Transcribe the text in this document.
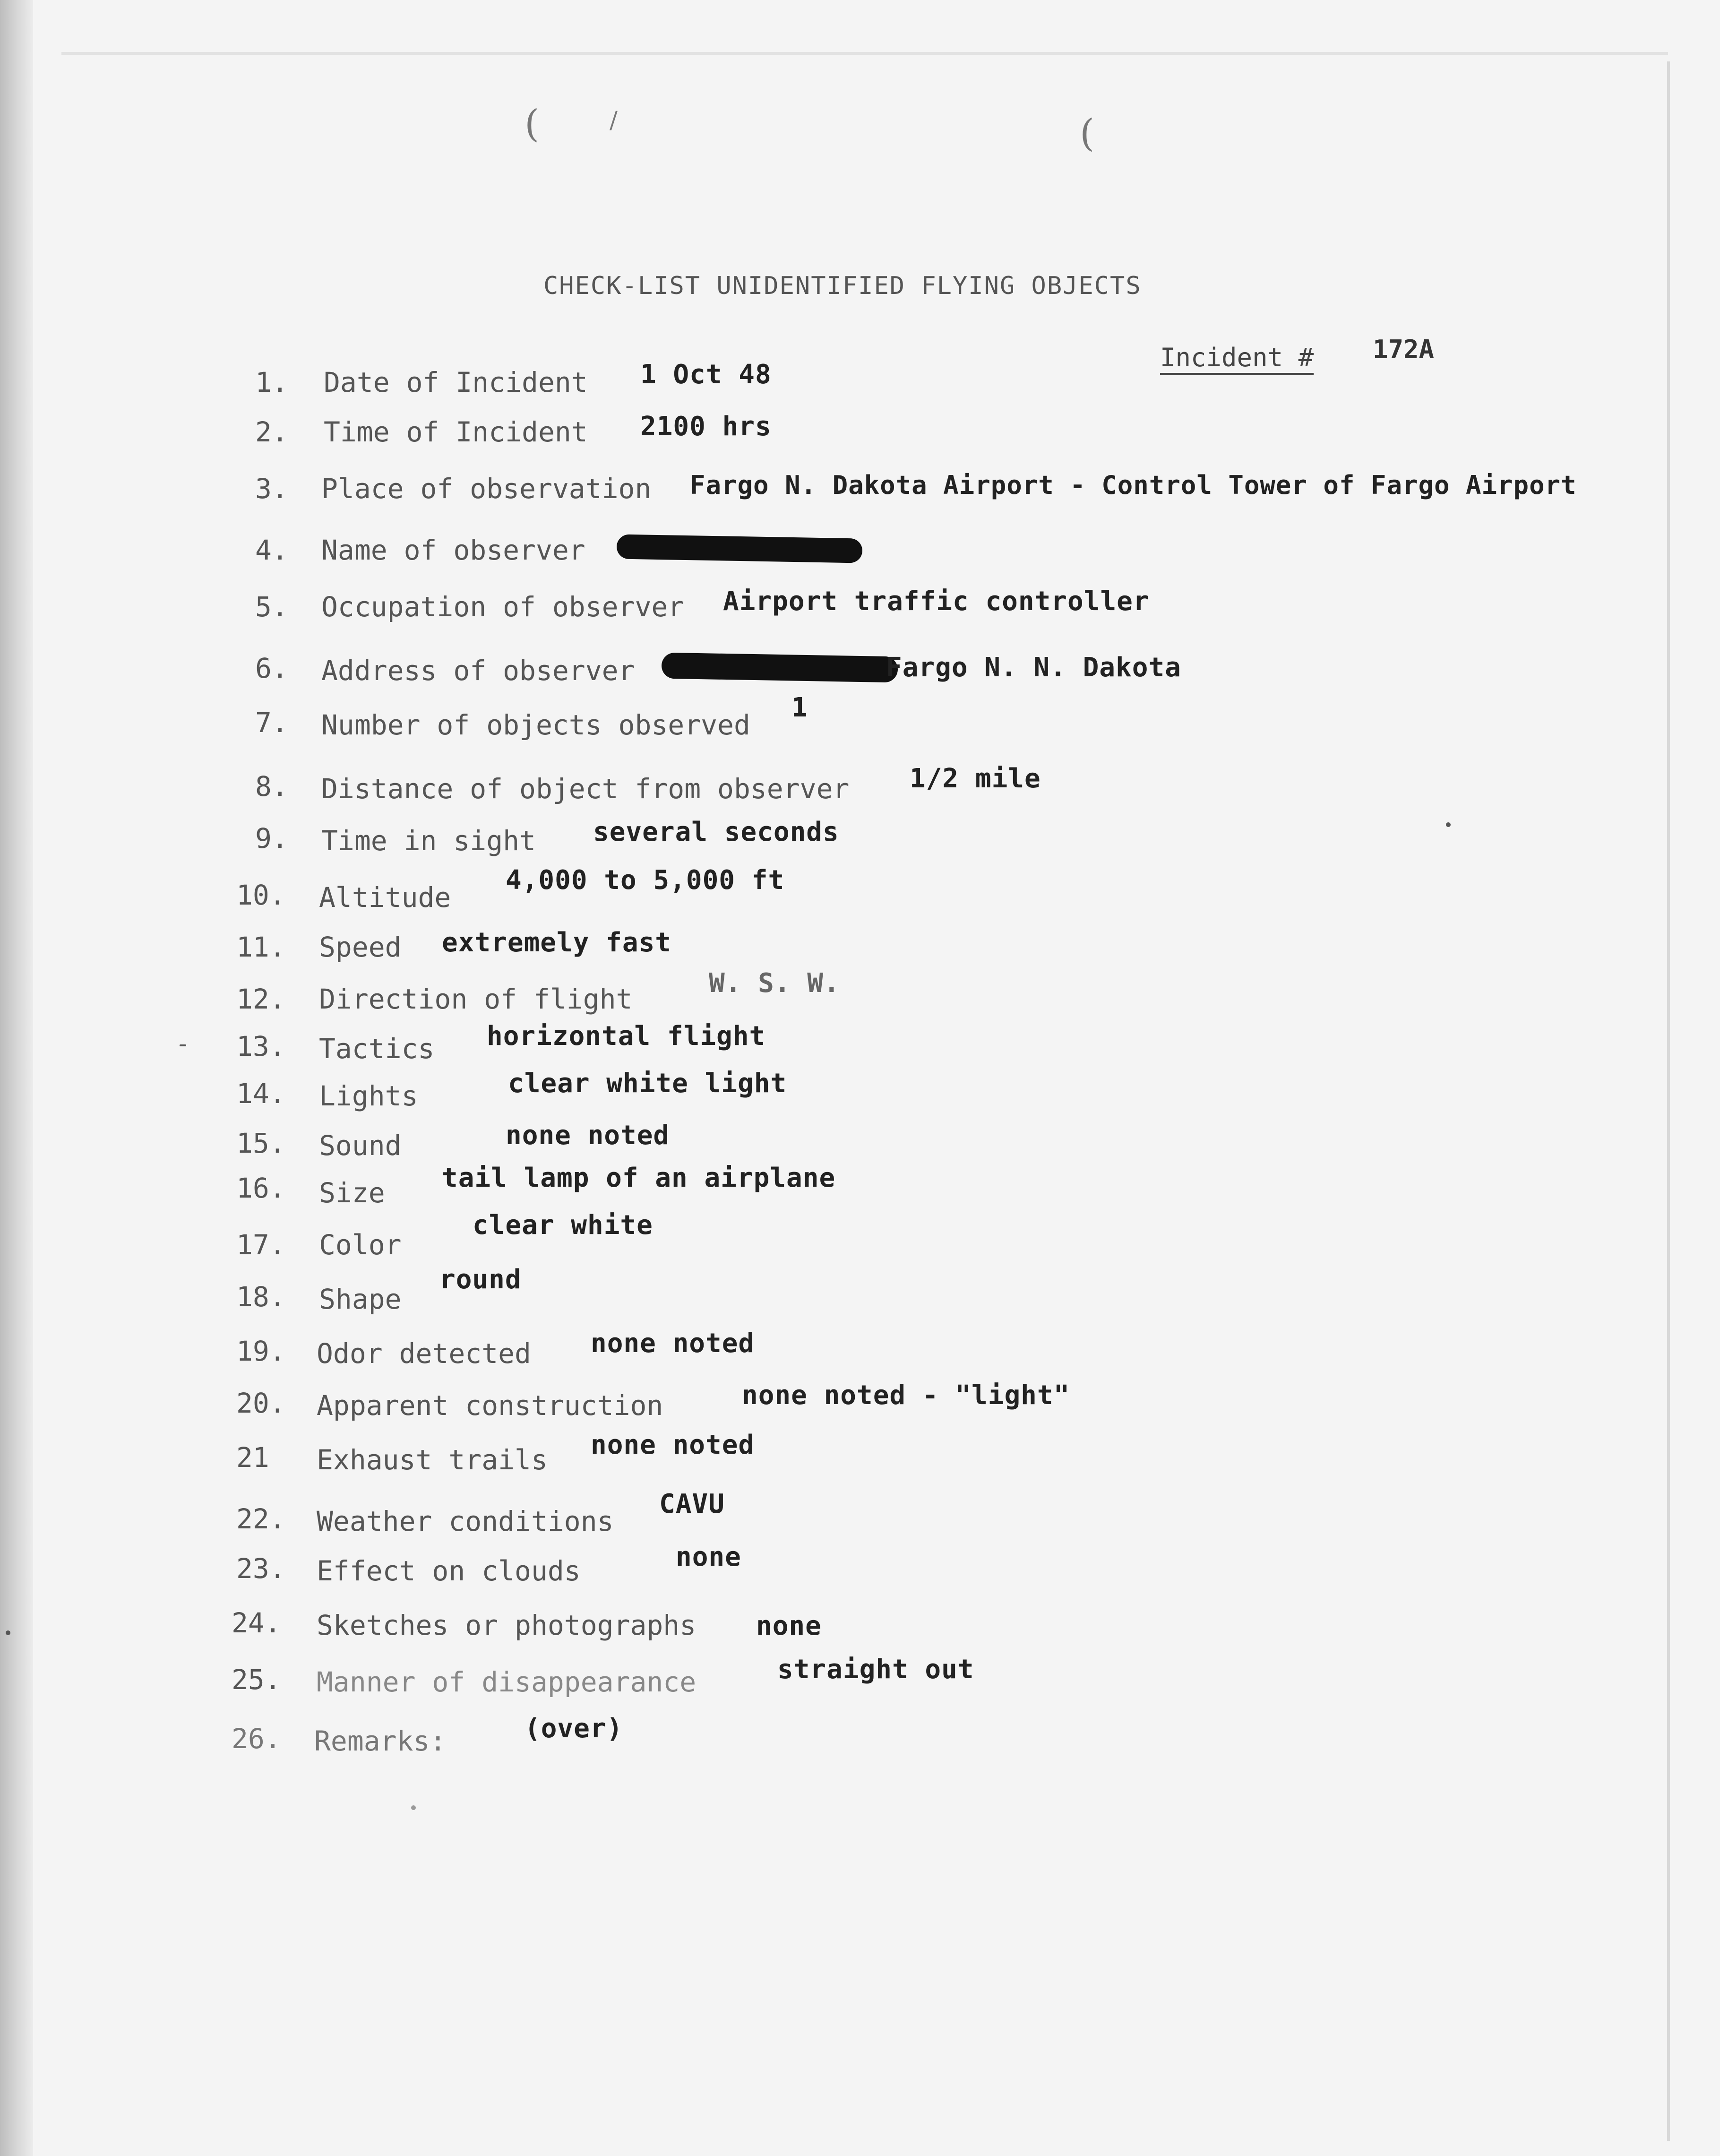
(	/	(
CHECK-LIST UNIDENTIFIED FLYING OBJECTS
Incident # 172A
1. Date of Incident 1 Oct 48
2. Time of Incident 2100 hrs
3. Place of observation Fargo N. Dakota Airport - Control Tower of Fargo Airport
4. Name of observer
5. Occupation of observer Airport traffic controller
6. Address of observer	Fargo N. N. Dakota
7. Number of objects observed
1
8. Distance of object from observer 1/2 mile
9. Time in sight several seconds
10. Altitude
4,000 to 5,000 ft
11. Speed extremely fast
12. Direction of flight	W. S. W.
13. Tactics horizontal flight
14. Lights	clear white light
15. Sound	none noted
16. Size tail lamp of an airplane
17. Color
clear white
18. Shape
round
19. Odor detected none noted
20. Apparent construction	none noted - "light"
21 Exhaust trails none noted
22. Weather conditions
CAVU
23. Effect on clouds	none
24. Sketches or photographs none
25. Manner of disappearance	straight out
26. Remarks:	(over)
